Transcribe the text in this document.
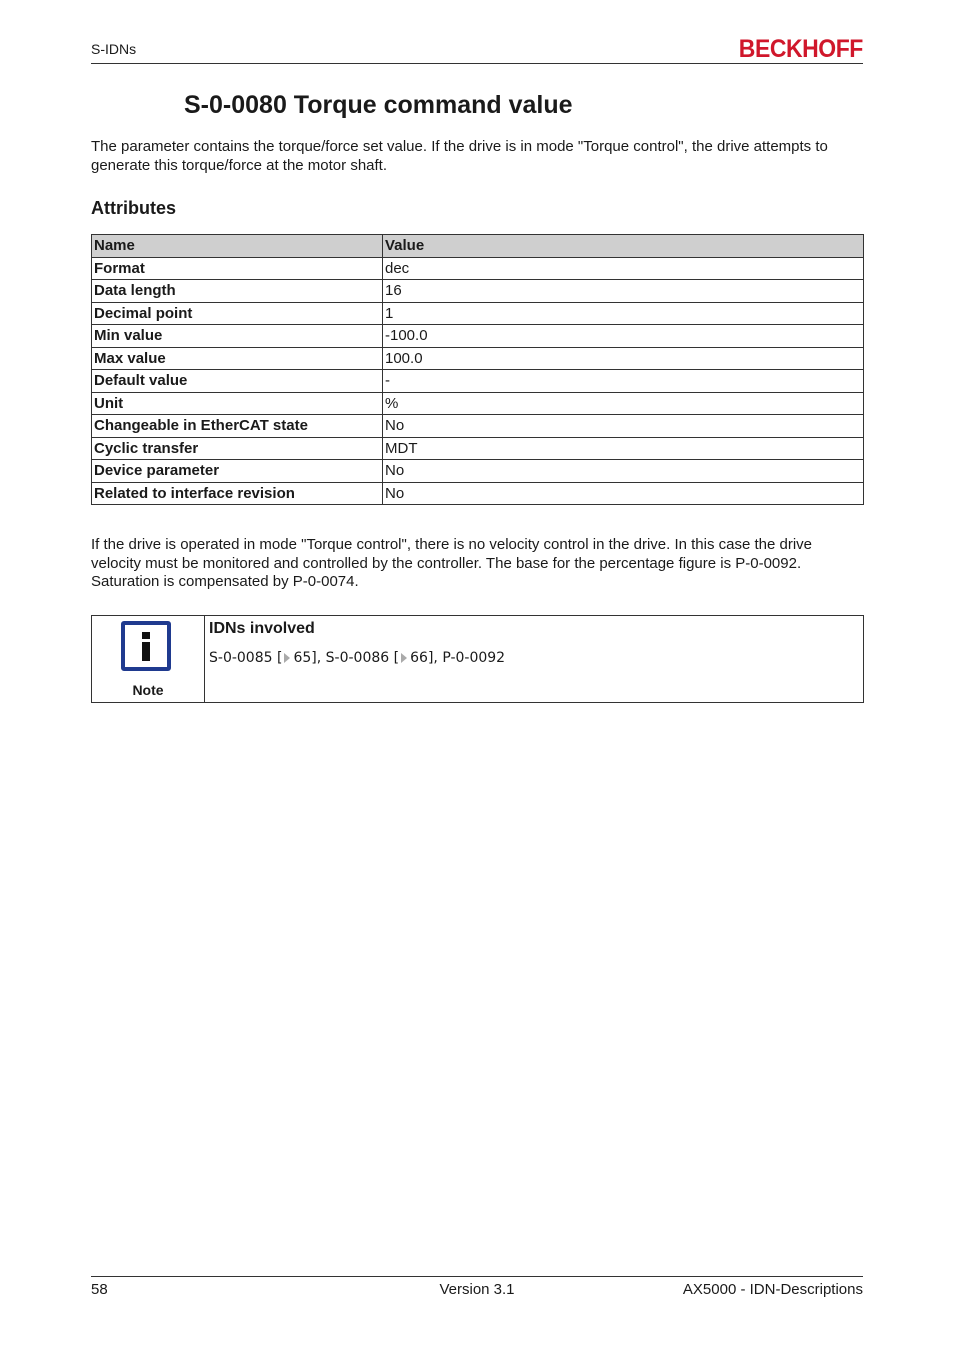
S-IDNs	BECKHOFF
S-0-0080 Torque command value

The parameter contains the torque/force set value. If the drive is in mode "Torque control", the drive attempts to generate this torque/force at the motor shaft.

Attributes
Name	Value
Format	dec
Data length	16
Decimal point	1
Min value	-100.0
Max value	100.0
Default value	-
Unit	%
Changeable in EtherCAT state	No
Cyclic transfer	MDT
Device parameter	No
Related to interface revision	No

If the drive is operated in mode "Torque control", there is no velocity control in the drive. In this case the drive velocity must be monitored and controlled by the controller. The base for the percentage figure is P-0-0092. Saturation is compensated by P-0-0074.

Note
IDNs involved
S-0-0085 [ 65], S-0-0086 [ 66], P-0-0092
58	Version 3.1	AX5000 - IDN-Descriptions
